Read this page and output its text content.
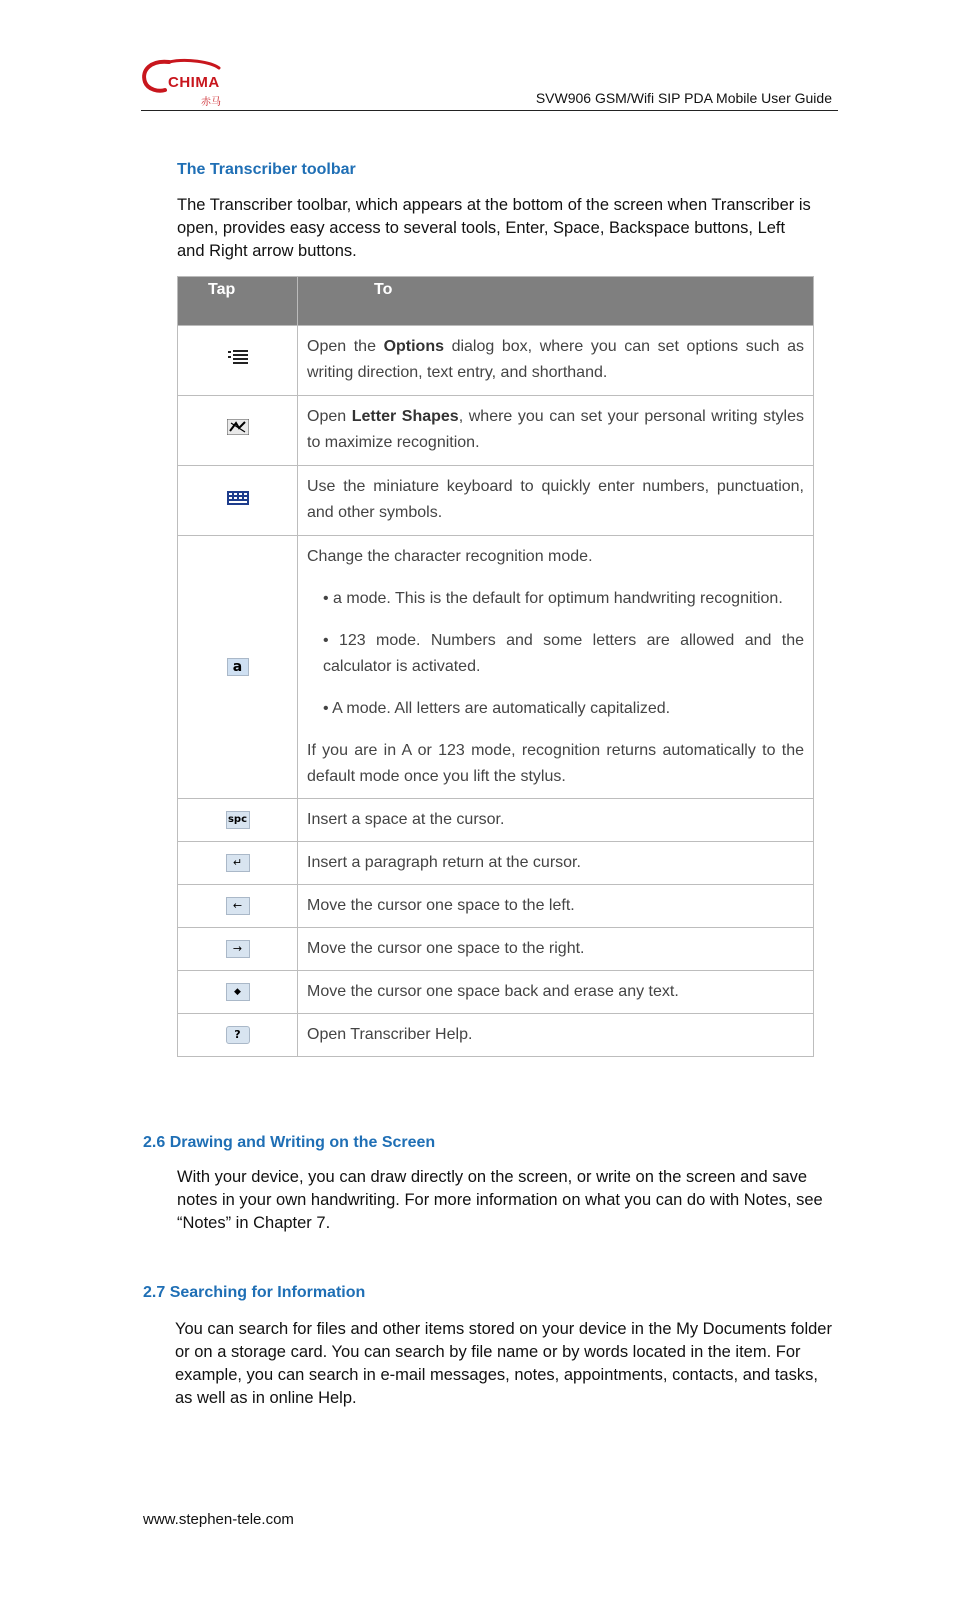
CHIMA
赤马	SVW906 GSM/Wifi SIP PDA Mobile User Guide
The Transcriber toolbar
The Transcriber toolbar, which appears at the bottom of the screen when Transcriber is open, provides easy access to several tools, Enter, Space, Backspace buttons, Left and Right arrow buttons.
Tap	To
	Open the Options dialog box, where you can set options such as writing direction, text entry, and shorthand.
	Open Letter Shapes, where you can set your personal writing styles to maximize recognition.
	Use the miniature keyboard to quickly enter numbers, punctuation, and other symbols.
a	Change the character recognition mode.
• a mode. This is the default for optimum handwriting recognition.
• 123 mode. Numbers and some letters are allowed and the calculator is activated.
• A mode. All letters are automatically capitalized.
If you are in A or 123 mode, recognition returns automatically to the default mode once you lift the stylus.

spc	Insert a space at the cursor.
↵	Insert a paragraph return at the cursor.
←	Move the cursor one space to the left.
→	Move the cursor one space to the right.
◆	Move the cursor one space back and erase any text.
?	Open Transcriber Help.
2.6 Drawing and Writing on the Screen
With your device, you can draw directly on the screen, or write on the screen and save notes in your own handwriting. For more information on what you can do with Notes, see “Notes” in Chapter 7.
2.7 Searching for Information
You can search for files and other items stored on your device in the My Documents folder or on a storage card. You can search by file name or by words located in the item. For example, you can search in e-mail messages, notes, appointments, contacts, and tasks, as well as in online Help.
www.stephen-tele.com
